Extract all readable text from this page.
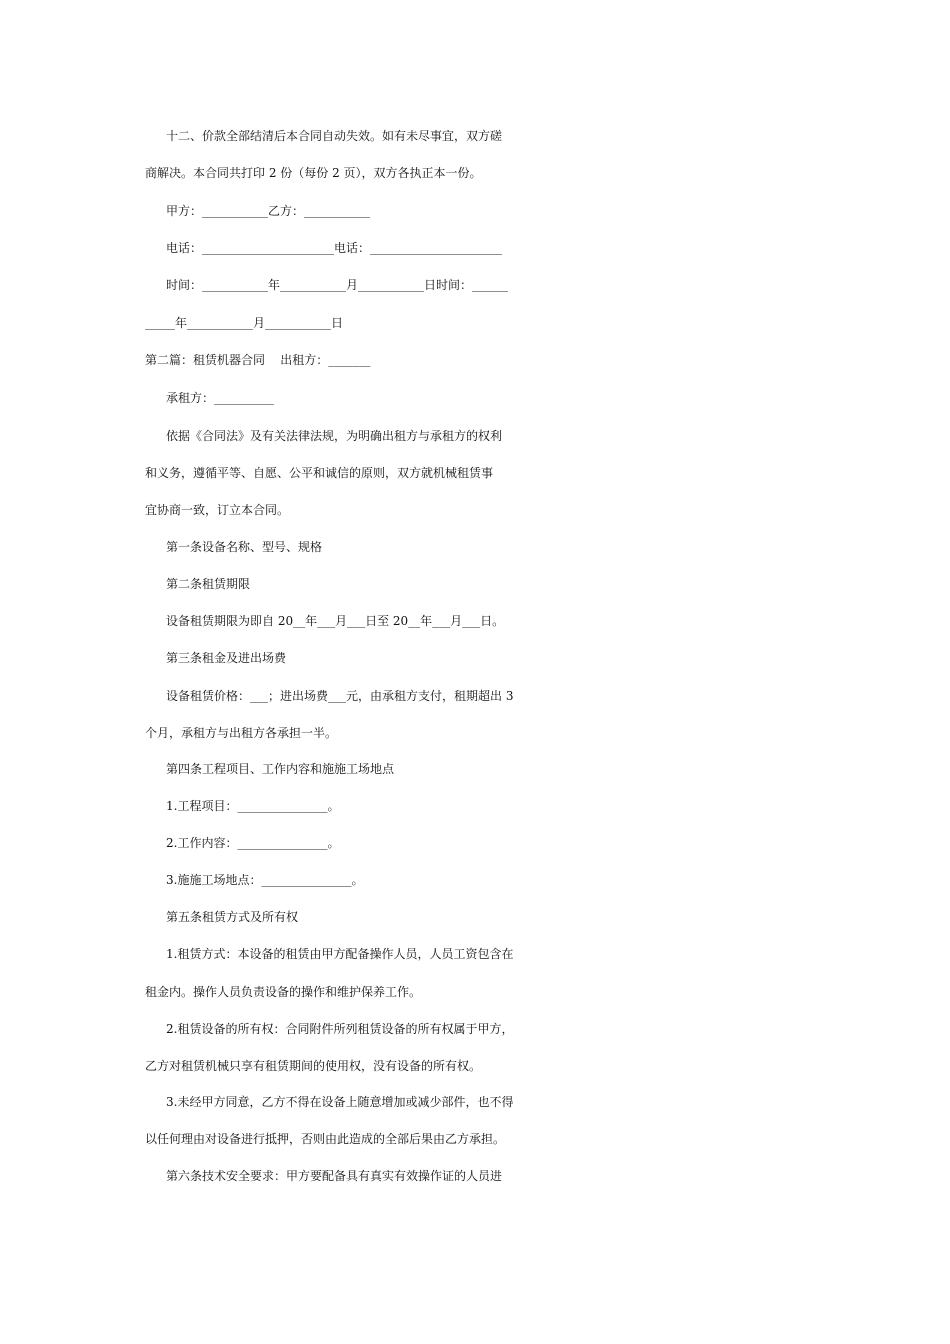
十二、价款全部结清后本合同自动失效。如有未尽事宜，双方磋
商解决。本合同共打印 2 份（每份 2 页），双方各执正本一份。
甲方：___________乙方：___________
电话：______________________电话：______________________
时间：___________年___________月___________日时间：______
_____年___________月___________日
第二篇：租赁机器合同    出租方：_______
承租方：__________
依据《合同法》及有关法律法规，为明确出租方与承租方的权利
和义务，遵循平等、自愿、公平和诚信的原则，双方就机械租赁事
宜协商一致，订立本合同。
第一条设备名称、型号、规格
第二条租赁期限
设备租赁期限为即自 20__年___月___日至 20__年___月___日。
第三条租金及进出场费
设备租赁价格：___；进出场费___元，由承租方支付，租期超出 3
个月，承租方与出租方各承担一半。
第四条工程项目、工作内容和施施工场地点
1.工程项目：_______________。
2.工作内容：_______________。
3.施施工场地点：_______________。
第五条租赁方式及所有权
1.租赁方式：本设备的租赁由甲方配备操作人员，人员工资包含在
租金内。操作人员负责设备的操作和维护保养工作。
2.租赁设备的所有权：合同附件所列租赁设备的所有权属于甲方，
乙方对租赁机械只享有租赁期间的使用权，没有设备的所有权。
3.未经甲方同意，乙方不得在设备上随意增加或减少部件，也不得
以任何理由对设备进行抵押，否则由此造成的全部后果由乙方承担。
第六条技术安全要求：甲方要配备具有真实有效操作证的人员进
